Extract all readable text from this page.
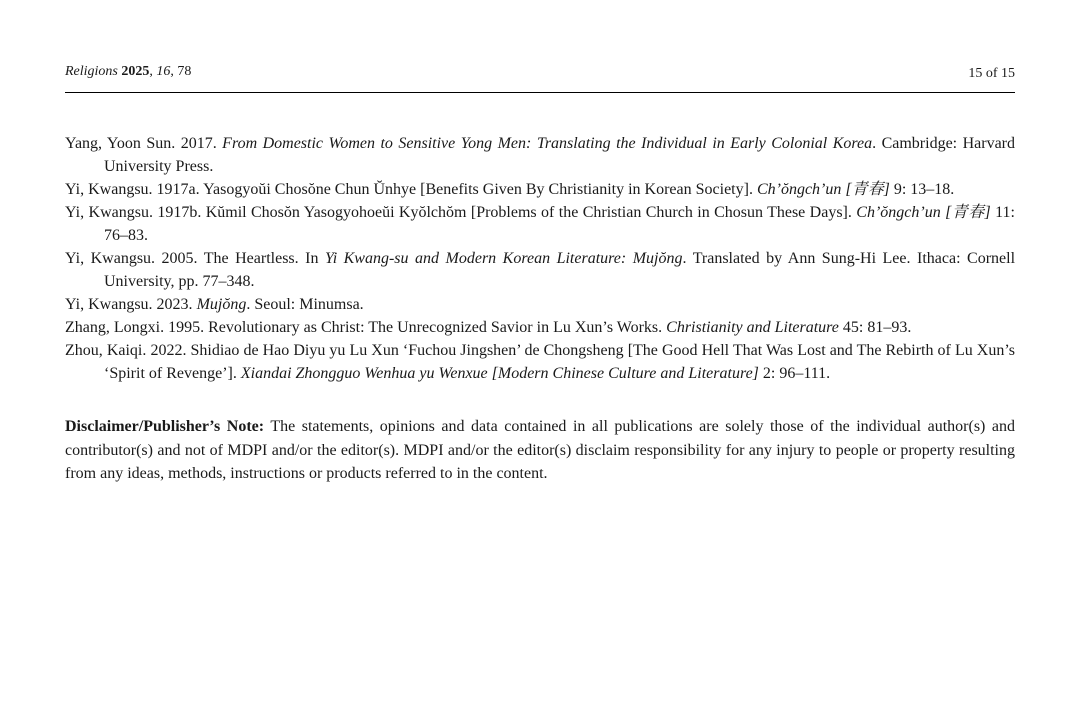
Religions 2025, 16, 78	15 of 15
Yang, Yoon Sun. 2017. From Domestic Women to Sensitive Yong Men: Translating the Individual in Early Colonial Korea. Cambridge: Harvard University Press.
Yi, Kwangsu. 1917a. Yasogyoŭi Chosŏne Chun Ŭnhye [Benefits Given By Christianity in Korean Society]. Ch’ŏngch’un [青春] 9: 13–18.
Yi, Kwangsu. 1917b. Kŭmil Chosŏn Yasogyohoeŭi Kyŏlchŏm [Problems of the Christian Church in Chosun These Days]. Ch’ŏngch’un [青春] 11: 76–83.
Yi, Kwangsu. 2005. The Heartless. In Yi Kwang-su and Modern Korean Literature: Mujŏng. Translated by Ann Sung-Hi Lee. Ithaca: Cornell University, pp. 77–348.
Yi, Kwangsu. 2023. Mujŏng. Seoul: Minumsa.
Zhang, Longxi. 1995. Revolutionary as Christ: The Unrecognized Savior in Lu Xun’s Works. Christianity and Literature 45: 81–93.
Zhou, Kaiqi. 2022. Shidiao de Hao Diyu yu Lu Xun ‘Fuchou Jingshen’ de Chongsheng [The Good Hell That Was Lost and The Rebirth of Lu Xun’s ‘Spirit of Revenge’]. Xiandai Zhongguo Wenhua yu Wenxue [Modern Chinese Culture and Literature] 2: 96–111.

Disclaimer/Publisher’s Note: The statements, opinions and data contained in all publications are solely those of the individual author(s) and contributor(s) and not of MDPI and/or the editor(s). MDPI and/or the editor(s) disclaim responsibility for any injury to people or property resulting from any ideas, methods, instructions or products referred to in the content.
